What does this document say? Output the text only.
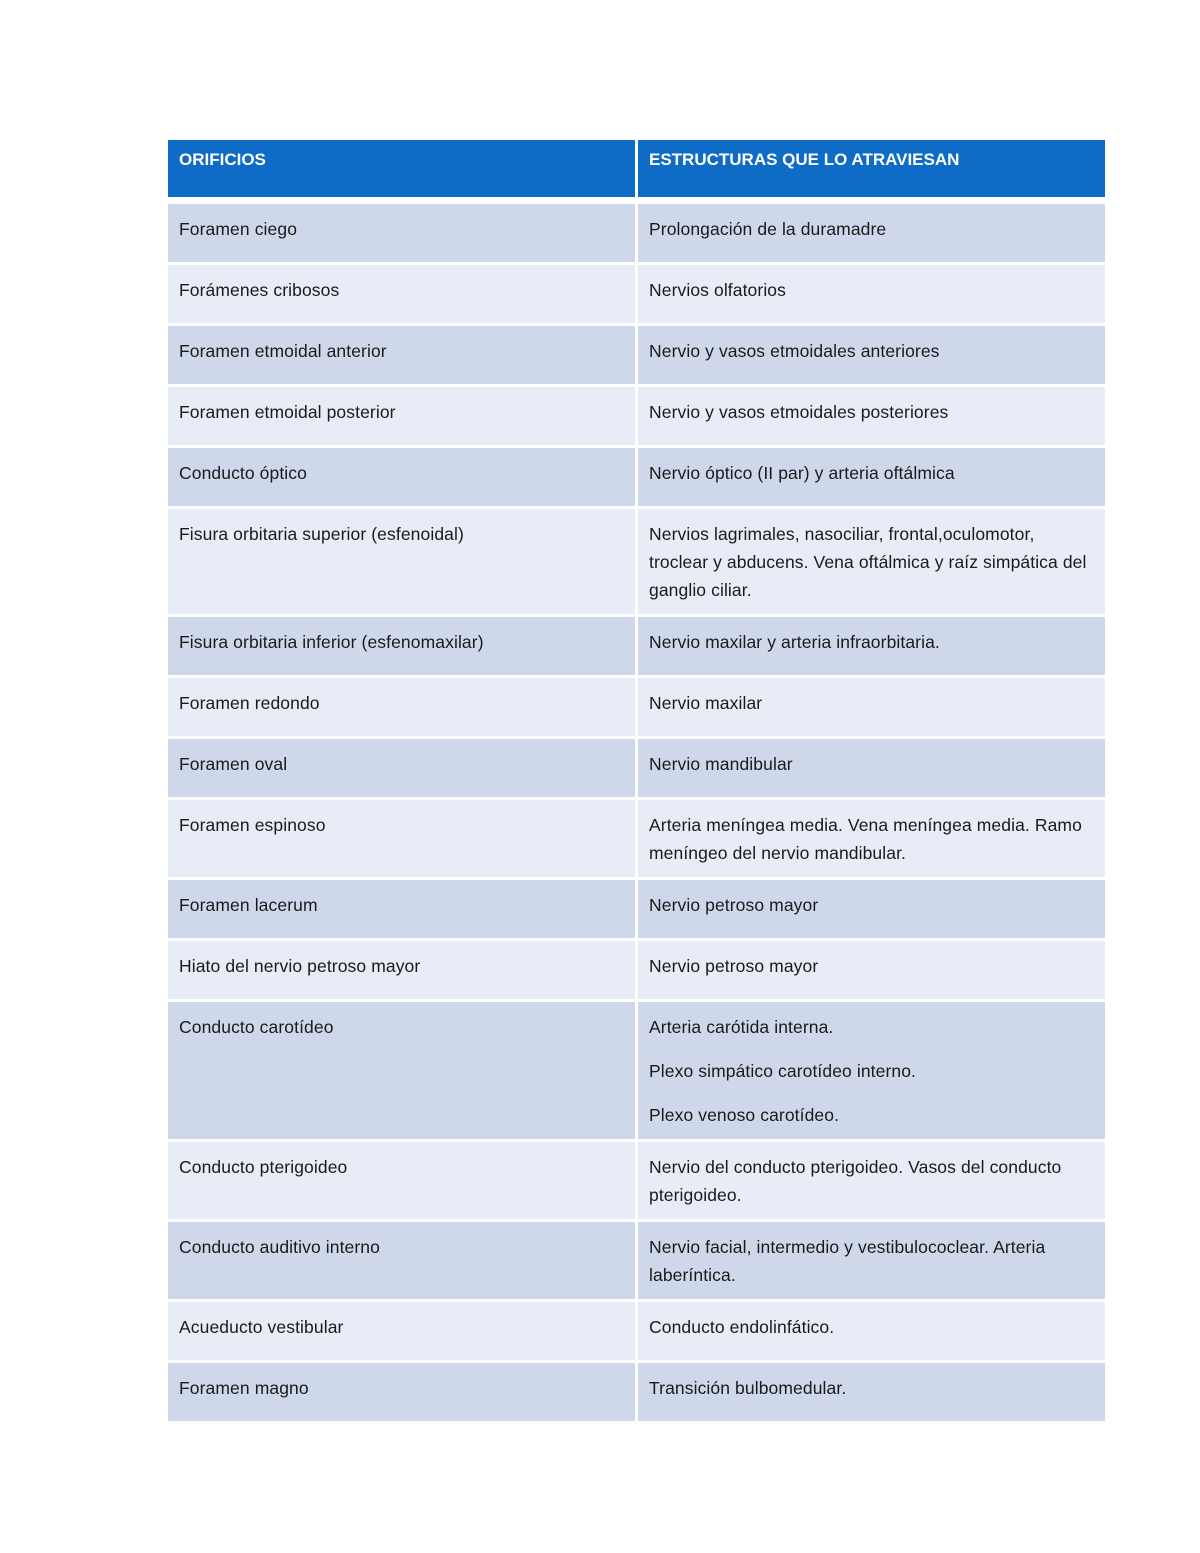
ORIFICIOS	ESTRUCTURAS QUE LO ATRAVIESAN
Foramen ciego	Prolongación de la duramadre

Forámenes cribosos	Nervios olfatorios

Foramen etmoidal anterior	Nervio y vasos etmoidales anteriores

Foramen etmoidal posterior	Nervio y vasos etmoidales posteriores

Conducto óptico	Nervio óptico (II par) y arteria oftálmica

Fisura orbitaria superior (esfenoidal)	Nervios lagrimales, nasociliar, frontal,oculomotor, troclear y abducens. Vena oftálmica y raíz simpática del ganglio ciliar.

Fisura orbitaria inferior (esfenomaxilar)	Nervio maxilar y arteria infraorbitaria.

Foramen redondo	Nervio maxilar

Foramen oval	Nervio mandibular

Foramen espinoso	Arteria meníngea media. Vena meníngea media. Ramo meníngeo del nervio mandibular.

Foramen lacerum	Nervio petroso mayor

Hiato del nervio petroso mayor	Nervio petroso mayor

Conducto carotídeo	Arteria carótida interna.
Plexo simpático carotídeo interno.
Plexo venoso carotídeo.

Conducto pterigoideo	Nervio del conducto pterigoideo. Vasos del conducto pterigoideo.

Conducto auditivo interno	Nervio facial, intermedio y vestibulococlear. Arteria laberíntica.

Acueducto vestibular	Conducto endolinfático.

Foramen magno	Transición bulbomedular.
